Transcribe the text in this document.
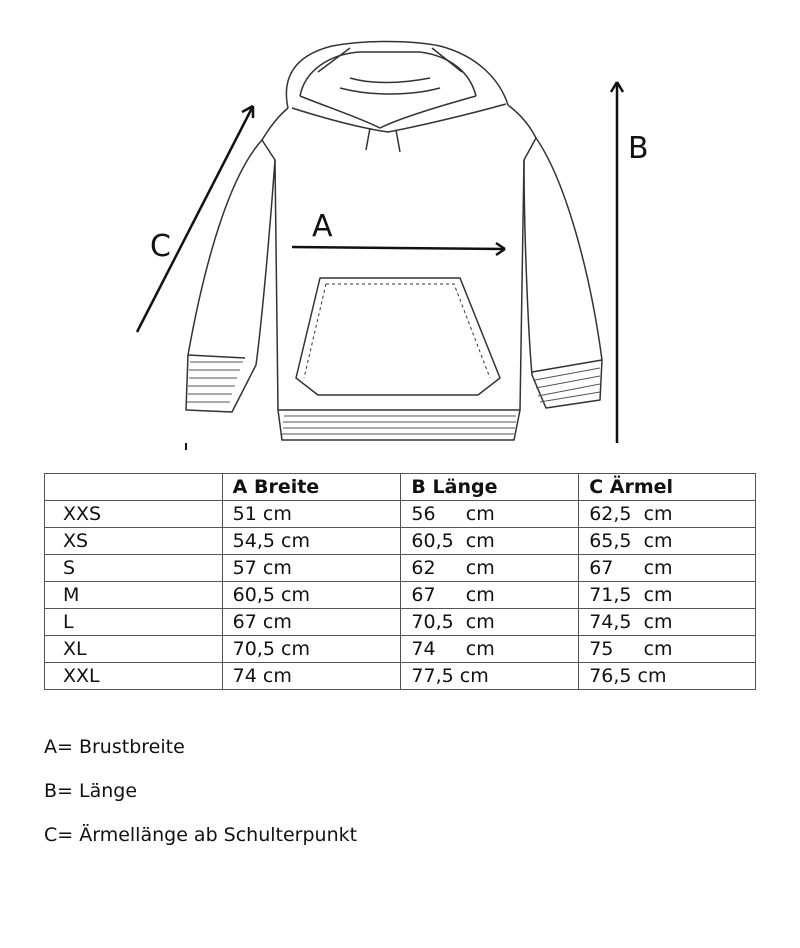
A
B
C
	A Breite	B Länge	C Ärmel
XXS	51 cm	56     cm	62,5  cm
XS	54,5 cm	60,5  cm	65,5  cm
S	57 cm	62     cm	67     cm
M	60,5 cm	67     cm	71,5  cm
L	67 cm	70,5  cm	74,5  cm
XL	70,5 cm	74     cm	75     cm
XXL	74 cm	77,5 cm	76,5 cm
A= Brustbreite
B= Länge
C= Ärmellänge ab Schulterpunkt
